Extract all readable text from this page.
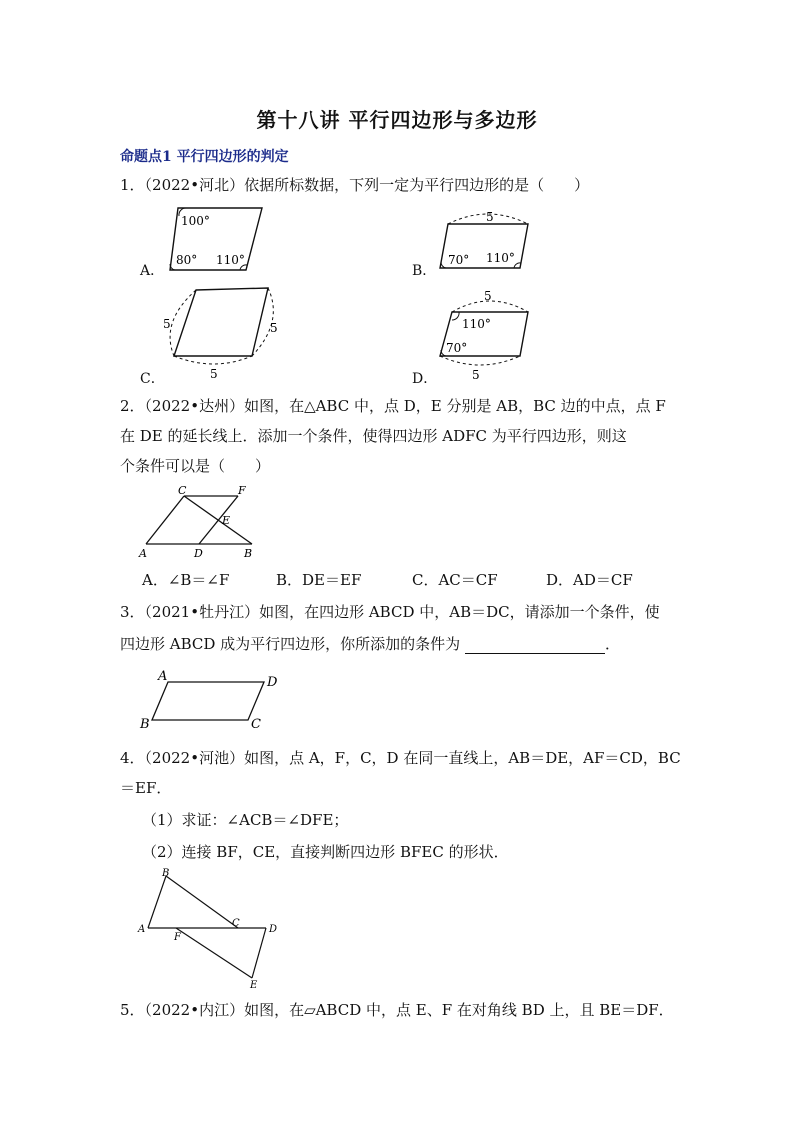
第十八讲 平行四边形与多边形
命题点1 平行四边形的判定
1．（2022•河北）依据所标数据，下列一定为平行四边形的是（　　）
A．
100°
80° 110°
B．
5
70° 110°
C．
5	5
5	D．
5
5
110°
70°
2．（2022•达州）如图，在△ABC 中，点 D，E 分别是 AB，BC 边的中点，点 F
在 DE 的延长线上．添加一个条件，使得四边形 ADFC 为平行四边形，则这
个条件可以是（　　）
C	F
E
A	D	B
A．∠B＝∠F	B．DE＝EF	C．AC＝CF	D．AD＝CF
3．（2021•牡丹江）如图，在四边形 ABCD 中，AB＝DC，请添加一个条件，使
四边形 ABCD 成为平行四边形，你所添加的条件为	．
A	D
B	C
4．（2022•河池）如图，点 A，F，C，D 在同一直线上，AB＝DE，AF＝CD，BC
＝EF．
（1）求证：∠ACB＝∠DFE；
（2）连接 BF，CE，直接判断四边形 BFEC 的形状．
B
A
F
C
D
E
5．（2022•内江）如图，在▱ABCD 中，点 E、F 在对角线 BD 上，且 BE＝DF．
